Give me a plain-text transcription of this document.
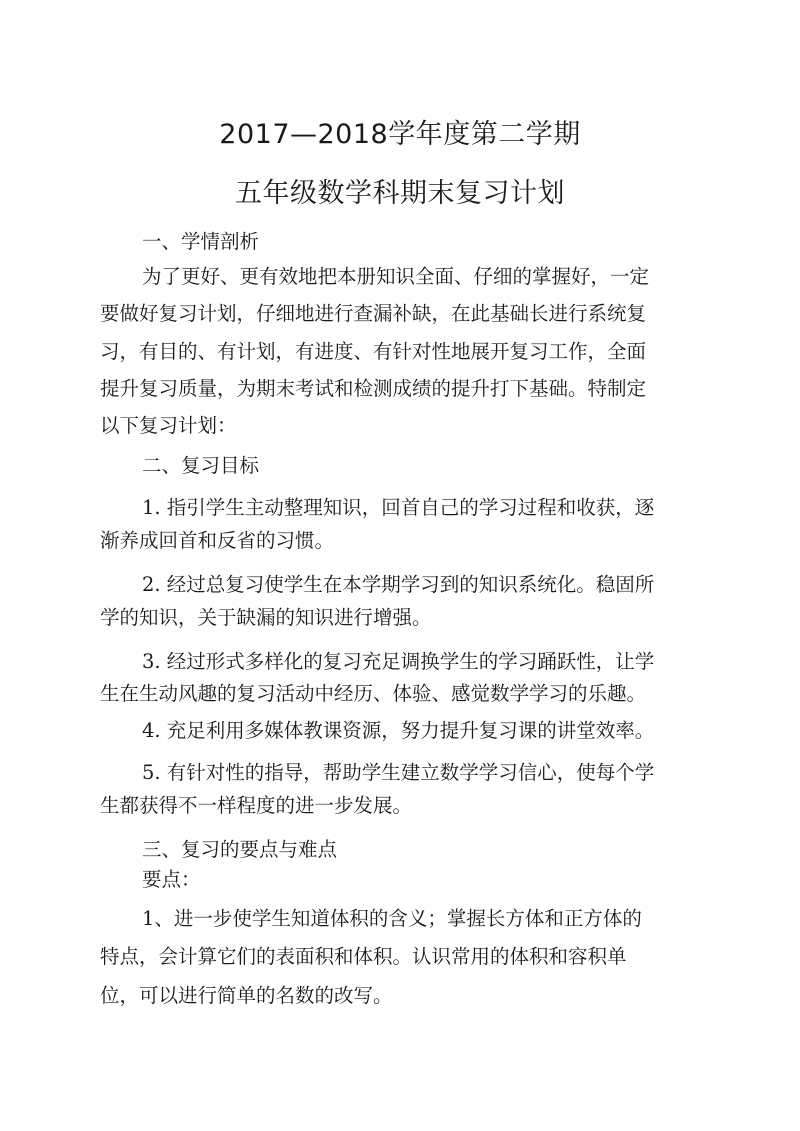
2017—2018学年度第二学期
五年级数学科期末复习计划
一、学情剖析
为了更好、更有效地把本册知识全面、仔细的掌握好，一定
要做好复习计划，仔细地进行查漏补缺，在此基础长进行系统复
习，有目的、有计划，有进度、有针对性地展开复习工作，全面
提升复习质量，为期末考试和检测成绩的提升打下基础。特制定
以下复习计划：
二、复习目标
1. 指引学生主动整理知识，回首自己的学习过程和收获，逐
渐养成回首和反省的习惯。
2. 经过总复习使学生在本学期学习到的知识系统化。稳固所
学的知识，关于缺漏的知识进行增强。
3. 经过形式多样化的复习充足调换学生的学习踊跃性，让学
生在生动风趣的复习活动中经历、体验、感觉数学学习的乐趣。
4. 充足利用多媒体教课资源，努力提升复习课的讲堂效率。
5. 有针对性的指导，帮助学生建立数学学习信心，使每个学
生都获得不一样程度的进一步发展。
三、复习的要点与难点
要点：
1、进一步使学生知道体积的含义；掌握长方体和正方体的
特点，会计算它们的表面积和体积。认识常用的体积和容积单
位，可以进行简单的名数的改写。
